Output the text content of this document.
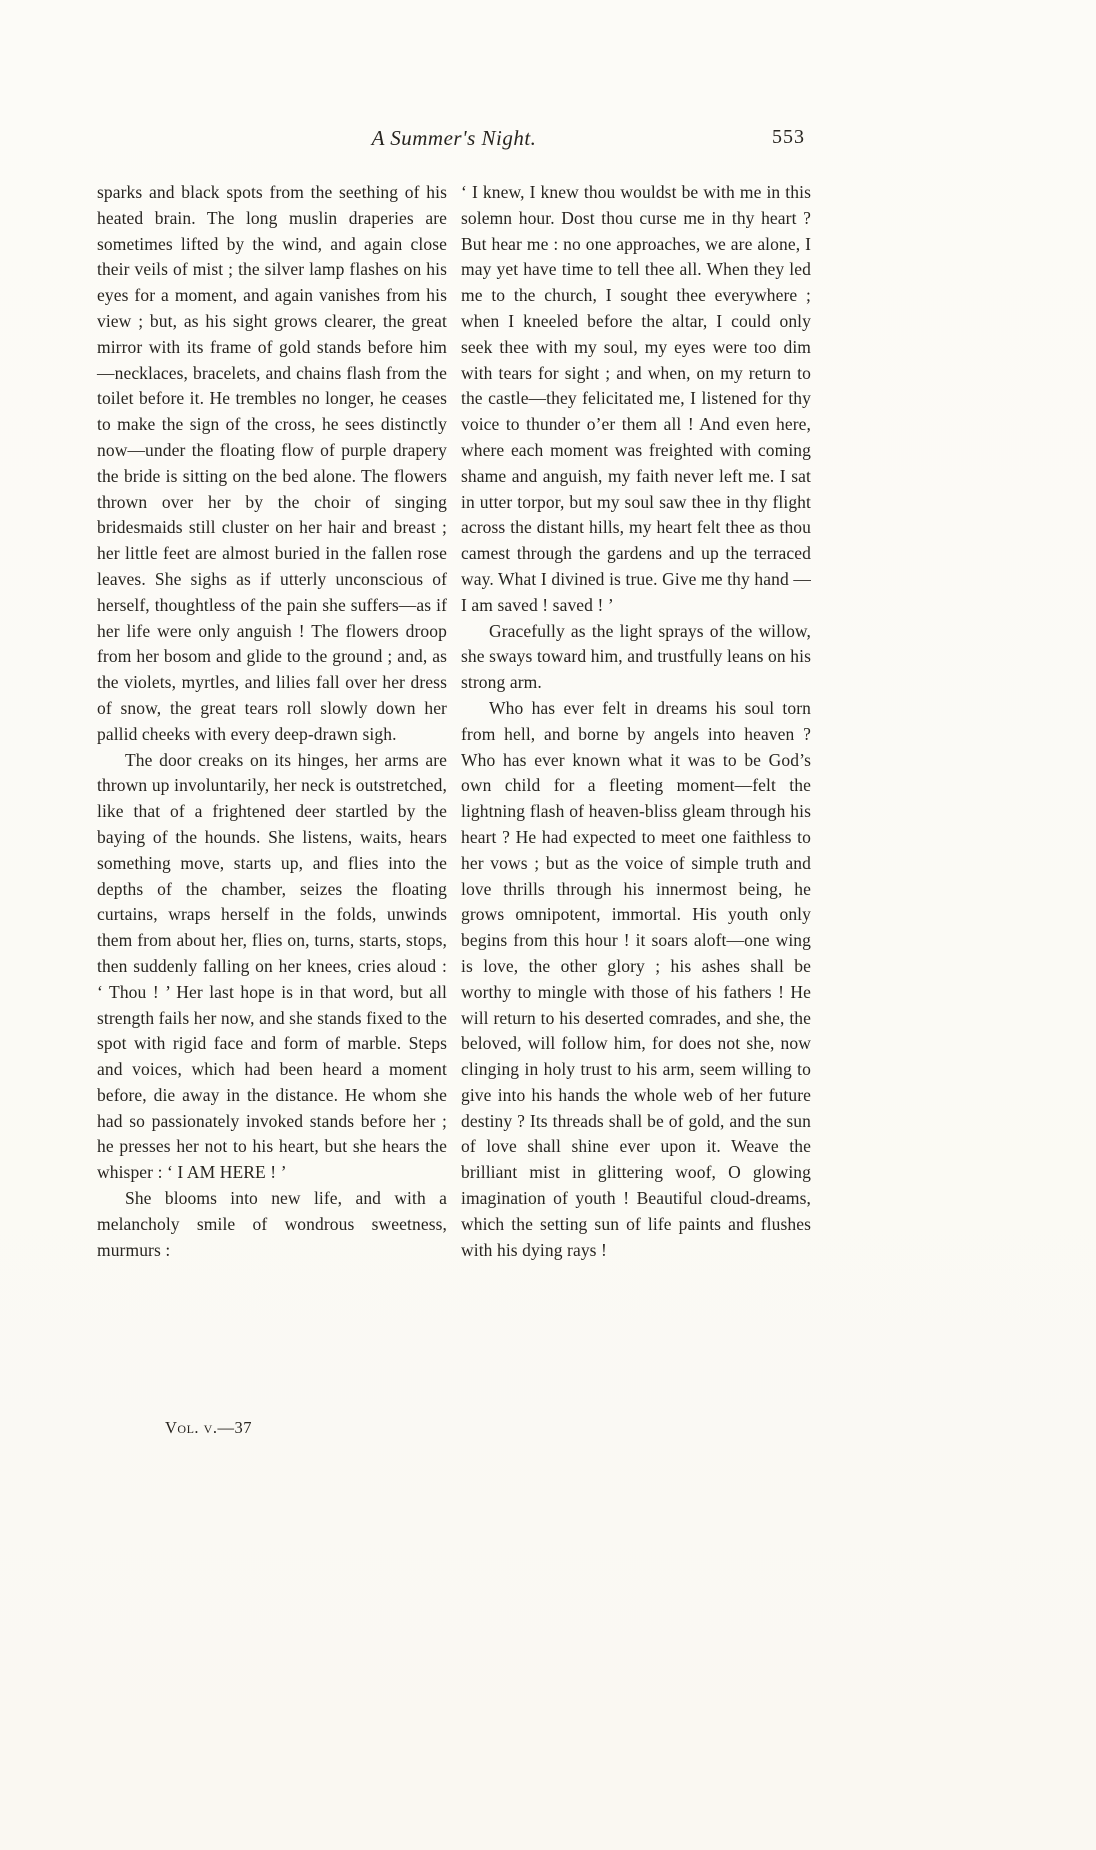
A Summer's Night.	553

sparks and black spots from the seething of his heated brain. The long muslin draperies are sometimes lifted by the wind, and again close their veils of mist ; the silver lamp flashes on his eyes for a moment, and again vanishes from his view ; but, as his sight grows clearer, the great mirror with its frame of gold stands before him—necklaces, bracelets, and chains flash from the toilet before it. He trembles no longer, he ceases to make the sign of the cross, he sees distinctly now—under the floating flow of purple drapery the bride is sitting on the bed alone. The flowers thrown over her by the choir of singing bridesmaids still cluster on her hair and breast ; her little feet are almost buried in the fallen rose leaves. She sighs as if utterly unconscious of herself, thoughtless of the pain she suffers—as if her life were only anguish ! The flowers droop from her bosom and glide to the ground ; and, as the violets, myrtles, and lilies fall over her dress of snow, the great tears roll slowly down her pallid cheeks with every deep-drawn sigh.

The door creaks on its hinges, her arms are thrown up involuntarily, her neck is outstretched, like that of a frightened deer startled by the baying of the hounds. She listens, waits, hears something move, starts up, and flies into the depths of the chamber, seizes the floating curtains, wraps herself in the folds, unwinds them from about her, flies on, turns, starts, stops, then suddenly falling on her knees, cries aloud : ‘ Thou ! ’ Her last hope is in that word, but all strength fails her now, and she stands fixed to the spot with rigid face and form of marble. Steps and voices, which had been heard a moment before, die away in the distance. He whom she had so passionately invoked stands before her ; he presses her not to his heart, but she hears the whisper : ‘ I AM HERE ! ’

She blooms into new life, and with a melancholy smile of wondrous sweetness, murmurs :

‘ I knew, I knew thou wouldst be with me in this solemn hour. Dost thou curse me in thy heart ? But hear me : no one approaches, we are alone, I may yet have time to tell thee all. When they led me to the church, I sought thee everywhere ; when I kneeled before the altar, I could only seek thee with my soul, my eyes were too dim with tears for sight ; and when, on my return to the castle—they felicitated me, I listened for thy voice to thunder o’er them all ! And even here, where each moment was freighted with coming shame and anguish, my faith never left me. I sat in utter torpor, but my soul saw thee in thy flight across the distant hills, my heart felt thee as thou camest through the gardens and up the terraced way. What I divined is true. Give me thy hand — I am saved ! saved ! ’

Gracefully as the light sprays of the willow, she sways toward him, and trustfully leans on his strong arm.

Who has ever felt in dreams his soul torn from hell, and borne by angels into heaven ? Who has ever known what it was to be God’s own child for a fleeting moment—felt the lightning flash of heaven-bliss gleam through his heart ? He had expected to meet one faithless to her vows ; but as the voice of simple truth and love thrills through his innermost being, he grows omnipotent, immortal. His youth only begins from this hour ! it soars aloft—one wing is love, the other glory ; his ashes shall be worthy to mingle with those of his fathers ! He will return to his deserted comrades, and she, the beloved, will follow him, for does not she, now clinging in holy trust to his arm, seem willing to give into his hands the whole web of her future destiny ? Its threads shall be of gold, and the sun of love shall shine ever upon it. Weave the brilliant mist in glittering woof, O glowing imagination of youth ! Beautiful cloud-dreams, which the setting sun of life paints and flushes with his dying rays !

Vol. v.—37
